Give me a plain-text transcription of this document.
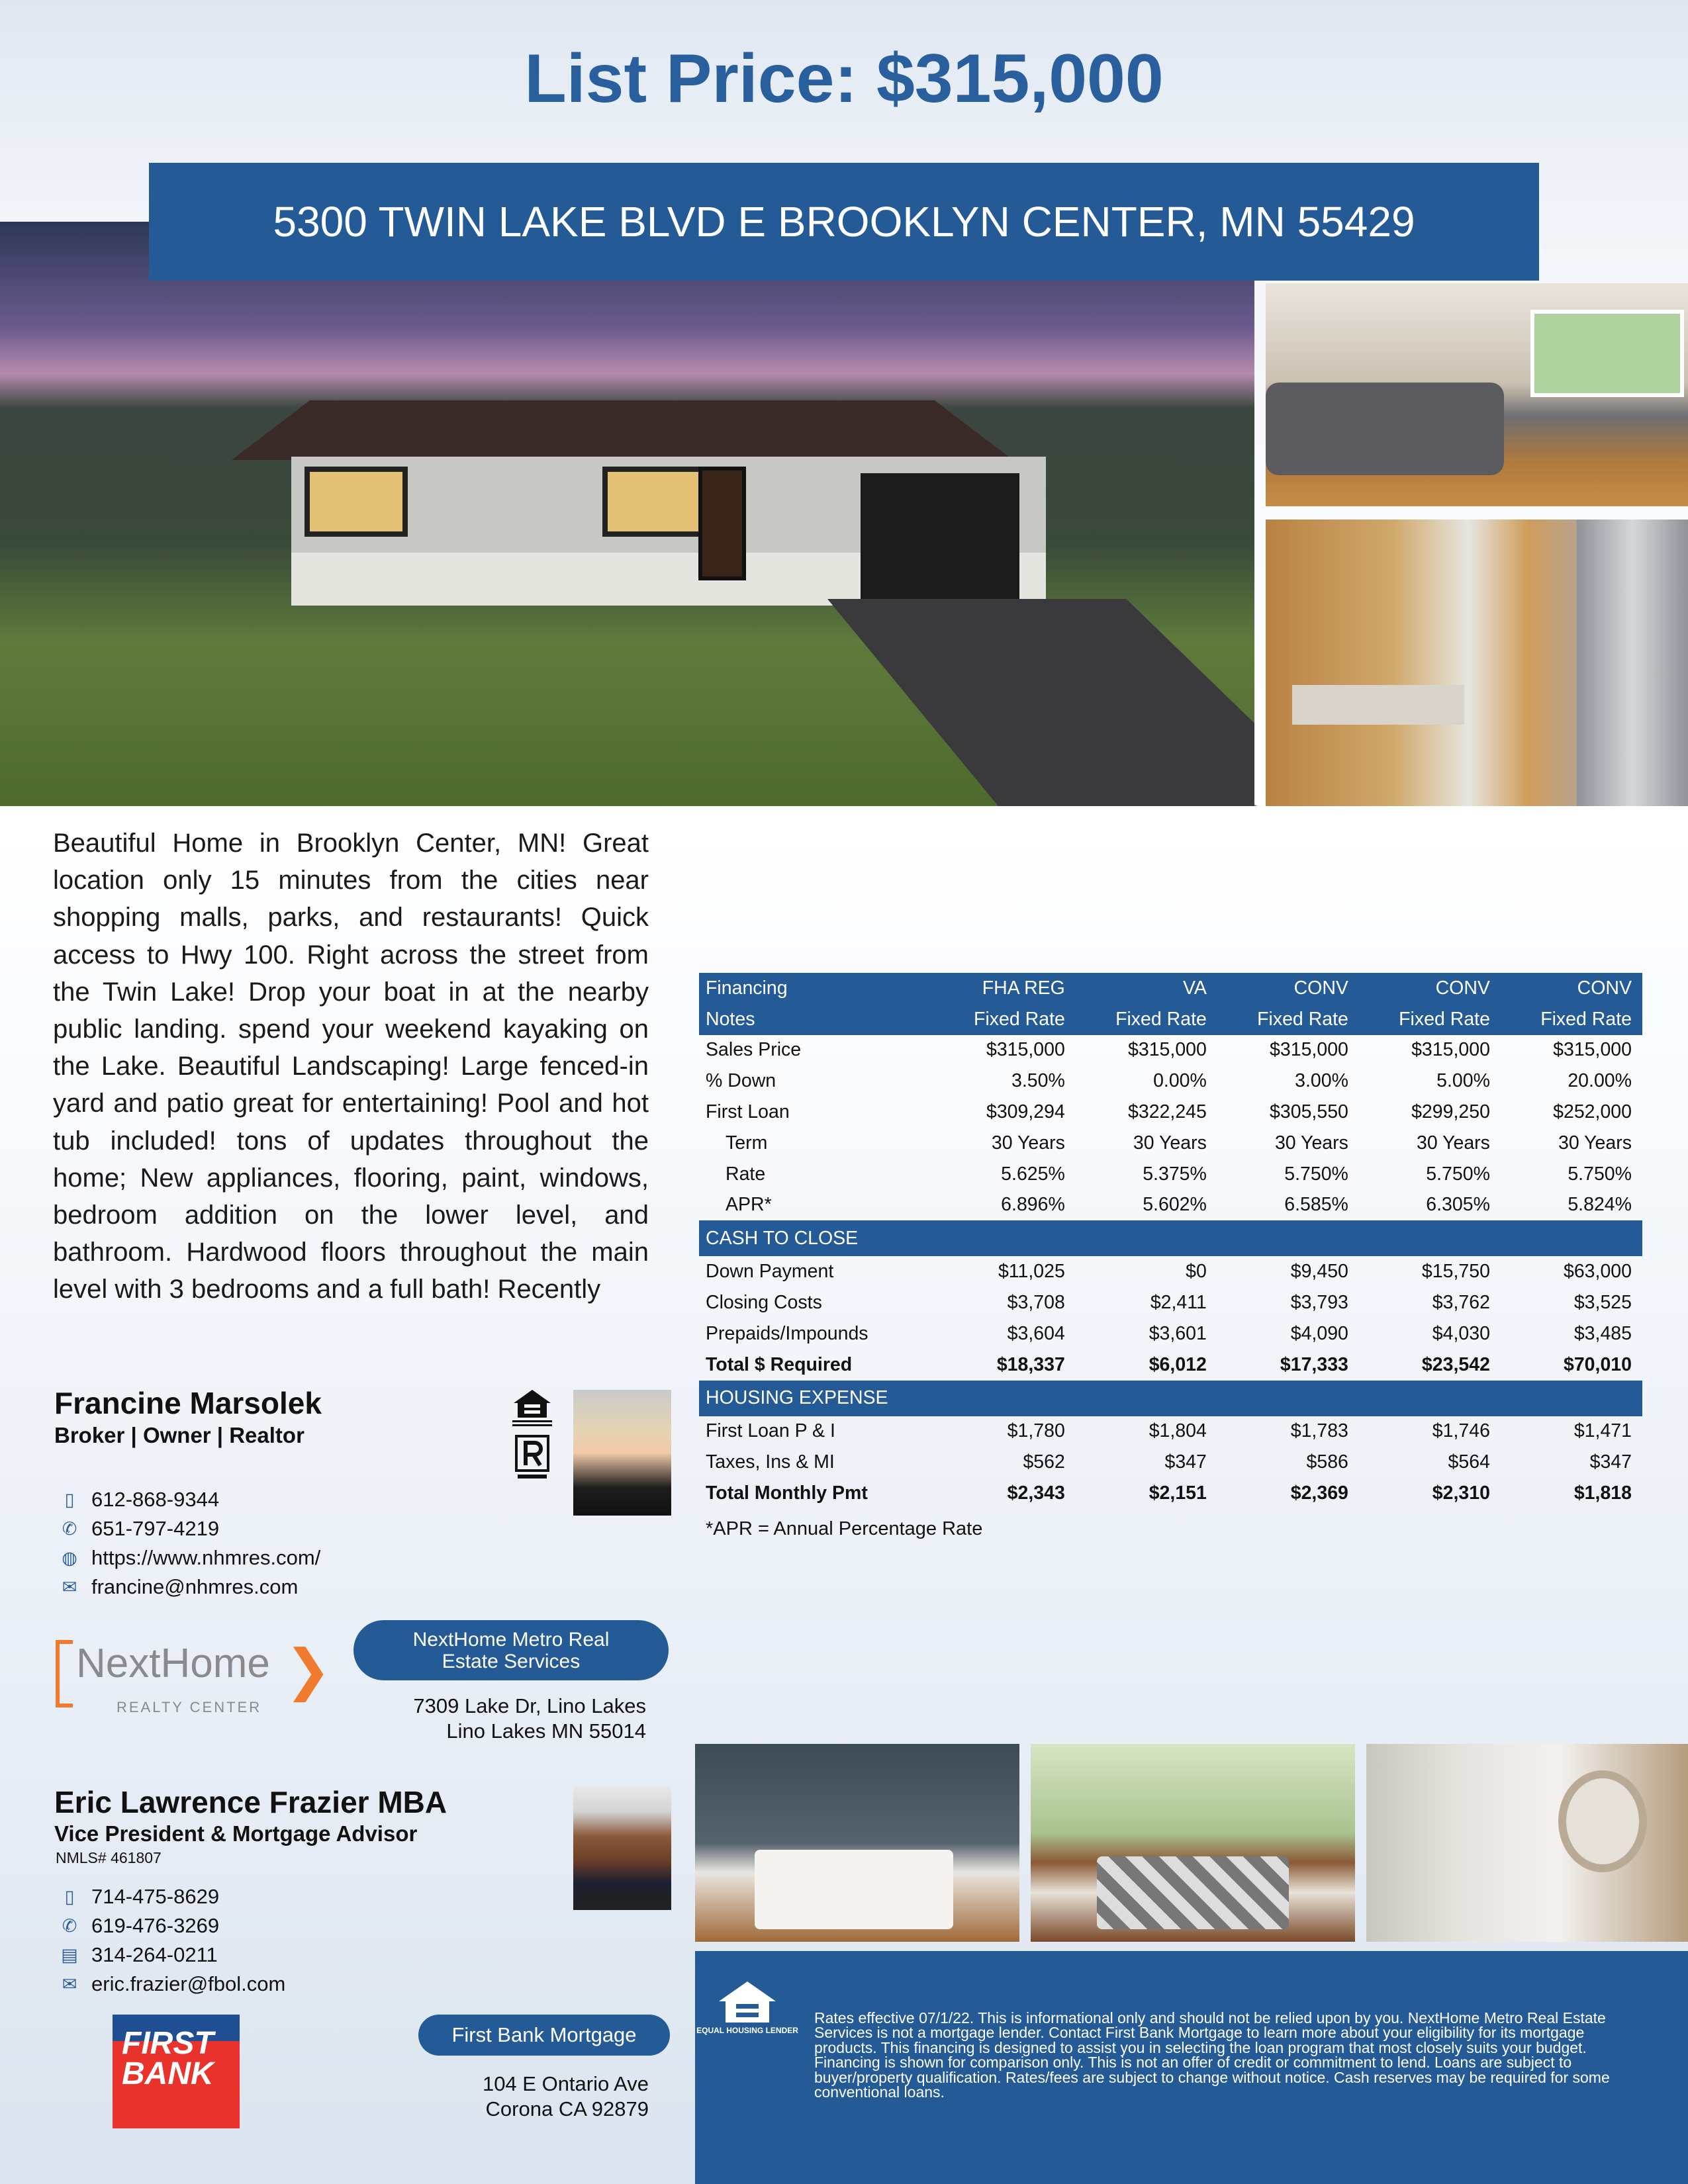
List Price: $315,000
5300 TWIN LAKE BLVD E BROOKLYN CENTER, MN 55429
Beautiful Home in Brooklyn Center, MN! Great location only 15 minutes from the cities near shopping malls, parks, and restaurants! Quick access to Hwy 100. Right across the street from the Twin Lake! Drop your boat in at the nearby public landing. spend your weekend kayaking on the Lake. Beautiful Landscaping! Large fenced-in yard and patio great for entertaining! Pool and hot tub included! tons of updates throughout the home; New appliances, flooring, paint, windows, bedroom addition on the lower level, and bathroom. Hardwood floors throughout the main level with 3 bedrooms and a full bath! Recently
Francine Marsolek
Broker | Owner | Realtor
▯ 612-868-9344
✆ 651-797-4219
◍ https://www.nhmres.com/
✉ francine@nhmres.com
NextHome ❯
REALTY CENTER
NextHome Metro Real
Estate Services
7309 Lake Dr, Lino Lakes
Lino Lakes MN 55014
Eric Lawrence Frazier MBA
Vice President & Mortgage Advisor
NMLS# 461807
▯ 714-475-8629
✆ 619-476-3269
▤ 314-264-0211
✉ eric.frazier@fbol.com
FIRST
BANK
First Bank Mortgage
104 E Ontario Ave
Corona CA 92879
Financing	FHA REG	VA	CONV	CONV	CONV
Notes	Fixed Rate	Fixed Rate	Fixed Rate	Fixed Rate	Fixed Rate
Sales Price	$315,000	$315,000	$315,000	$315,000	$315,000
% Down	3.50%	0.00%	3.00%	5.00%	20.00%
First Loan	$309,294	$322,245	$305,550	$299,250	$252,000
Term	30 Years	30 Years	30 Years	30 Years	30 Years
Rate	5.625%	5.375%	5.750%	5.750%	5.750%
APR*	6.896%	5.602%	6.585%	6.305%	5.824%
CASH TO CLOSE					
Down Payment	$11,025	$0	$9,450	$15,750	$63,000
Closing Costs	$3,708	$2,411	$3,793	$3,762	$3,525
Prepaids/Impounds	$3,604	$3,601	$4,090	$4,030	$3,485
Total $ Required	$18,337	$6,012	$17,333	$23,542	$70,010
HOUSING EXPENSE					
First Loan P & I	$1,780	$1,804	$1,783	$1,746	$1,471
Taxes, Ins & MI	$562	$347	$586	$564	$347
Total Monthly Pmt	$2,343	$2,151	$2,369	$2,310	$1,818
*APR = Annual Percentage Rate
EQUAL HOUSING LENDER
Rates effective 07/1/22. This is informational only and should not be relied upon by you. NextHome Metro Real Estate Services is not a mortgage lender. Contact First Bank Mortgage to learn more about your eligibility for its mortgage products. This financing is designed to assist you in selecting the loan program that most closely suits your budget. Financing is shown for comparison only. This is not an offer of credit or commitment to lend. Loans are subject to buyer/property qualification. Rates/fees are subject to change without notice. Cash reserves may be required for some conventional loans.
